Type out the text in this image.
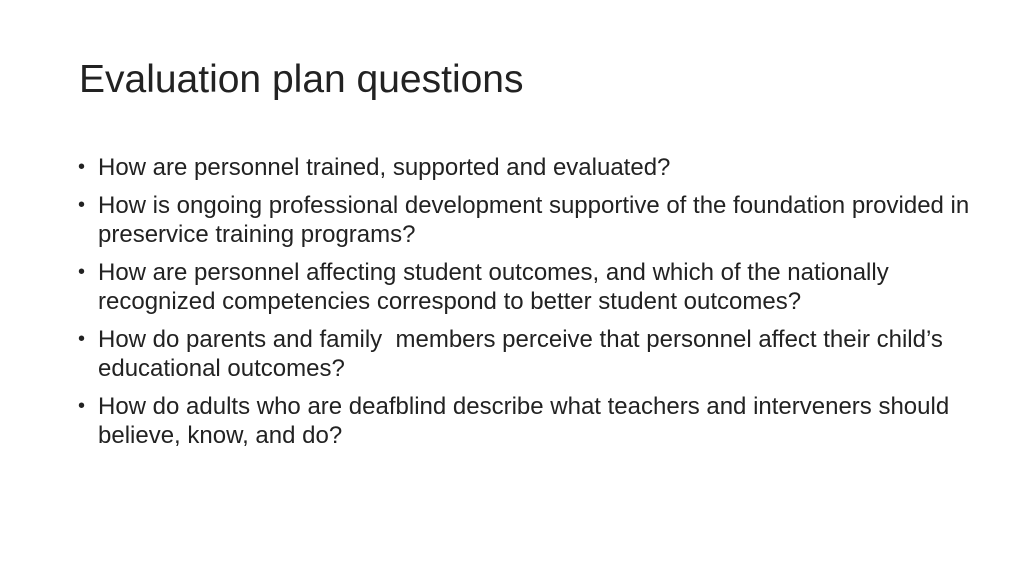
Evaluation plan questions
• How are personnel trained, supported and evaluated?
• How is ongoing professional development supportive of the foundation provided in preservice training programs?
• How are personnel affecting student outcomes, and which of the nationally recognized competencies correspond to better student outcomes?
• How do parents and family  members perceive that personnel affect their child’s educational outcomes?
• How do adults who are deafblind describe what teachers and interveners should believe, know, and do?
